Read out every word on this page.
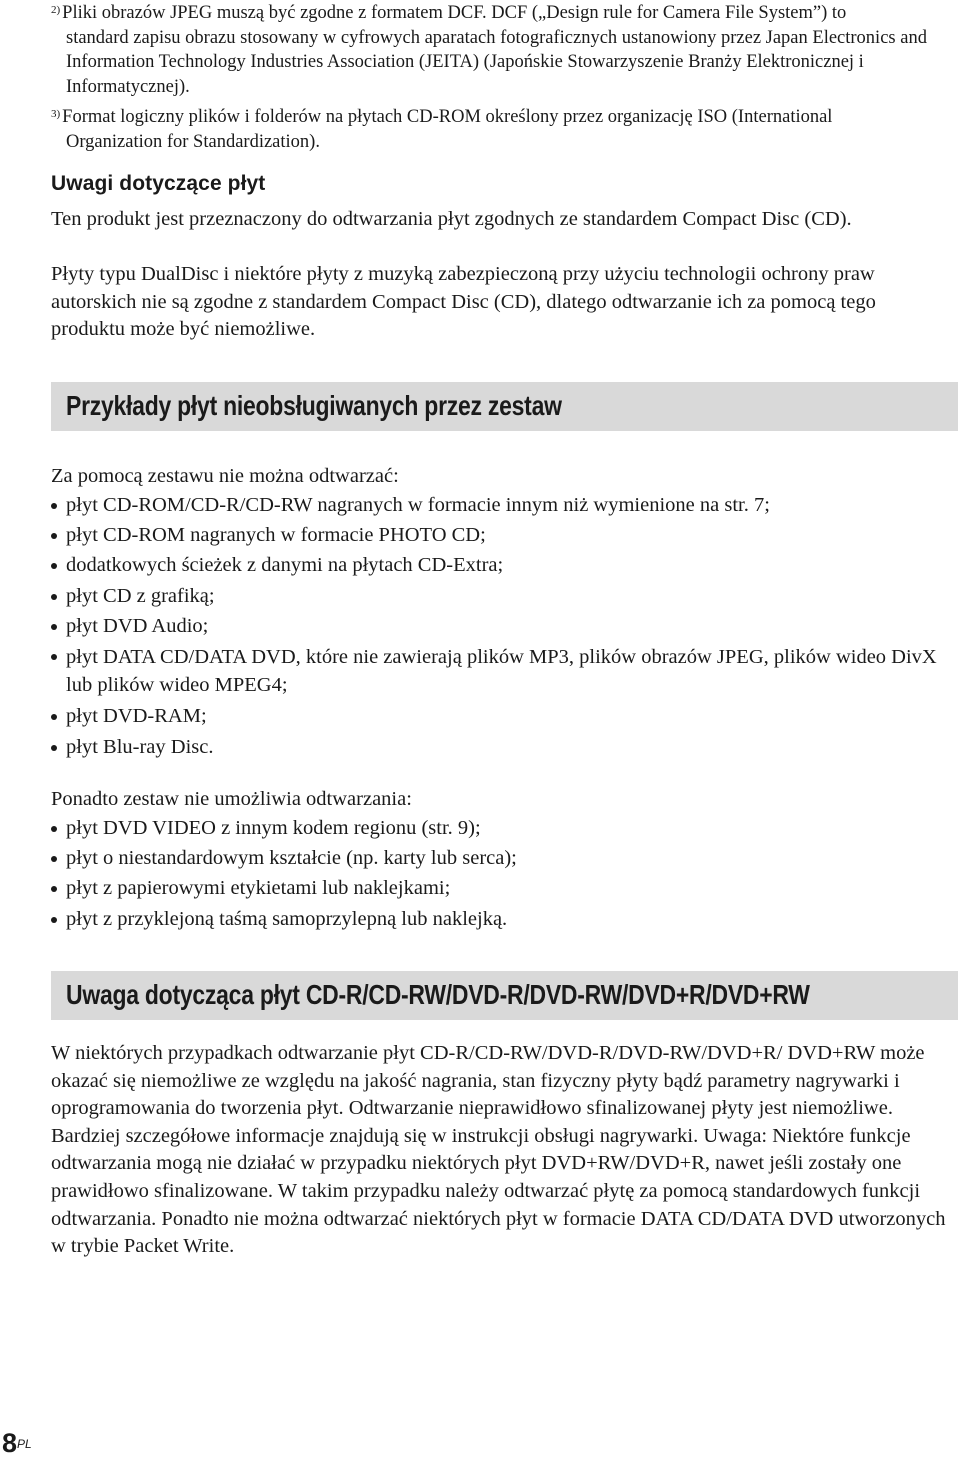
$^{2)}$ Pliki obrazów JPEG muszą być zgodne z formatem DCF. DCF („Design rule for Camera File System”) to
standard zapisu obrazu stosowany w cyfrowych aparatach fotograficznych ustanowiony przez Japan Electronics and Information Technology Industries Association (JEITA) (Japońskie Stowarzyszenie Branży Elektronicznej i Informatycznej).
$^{3)}$ Format logiczny plików i folderów na płytach CD-ROM określony przez organizację ISO (International
Organization for Standardization).
Uwagi dotyczące płyt
Ten produkt jest przeznaczony do odtwarzania płyt zgodnych ze standardem Compact Disc (CD).
Płyty typu DualDisc i niektóre płyty z muzyką zabezpieczoną przy użyciu technologii ochrony praw autorskich nie są zgodne z standardem Compact Disc (CD), dlatego odtwarzanie ich za pomocą tego produktu może być niemożliwe.
Przykłady płyt nieobsługiwanych przez zestaw
Za pomocą zestawu nie można odtwarzać:
płyt CD-ROM/CD-R/CD-RW nagranych w formacie innym niż wymienione na str. 7;
płyt CD-ROM nagranych w formacie PHOTO CD;
dodatkowych ścieżek z danymi na płytach CD-Extra;
płyt CD z grafiką;
płyt DVD Audio;
płyt DATA CD/DATA DVD, które nie zawierają plików MP3, plików obrazów JPEG, plików wideo DivX lub plików wideo MPEG4;
płyt DVD-RAM;
płyt Blu-ray Disc.
Ponadto zestaw nie umożliwia odtwarzania:
płyt DVD VIDEO z innym kodem regionu (str. 9);
płyt o niestandardowym kształcie (np. karty lub serca);
płyt z papierowymi etykietami lub naklejkami;
płyt z przyklejoną taśmą samoprzylepną lub naklejką.
Uwaga dotycząca płyt CD-R/CD-RW/DVD-R/DVD-RW/DVD+R/DVD+RW
W niektórych przypadkach odtwarzanie płyt CD-R/CD-RW/DVD-R/DVD-RW/DVD+R/ DVD+RW może okazać się niemożliwe ze względu na jakość nagrania, stan fizyczny płyty bądź parametry nagrywarki i oprogramowania do tworzenia płyt. Odtwarzanie nieprawidłowo sfinalizowanej płyty jest niemożliwe. Bardziej szczegółowe informacje znajdują się w instrukcji obsługi nagrywarki. Uwaga: Niektóre funkcje odtwarzania mogą nie działać w przypadku niektórych płyt DVD+RW/DVD+R, nawet jeśli zostały one prawidłowo sfinalizowane. W takim przypadku należy odtwarzać płytę za pomocą standardowych funkcji odtwarzania. Ponadto nie można odtwarzać niektórych płyt w formacie DATA CD/DATA DVD utworzonych w trybie Packet Write.
8 PL
